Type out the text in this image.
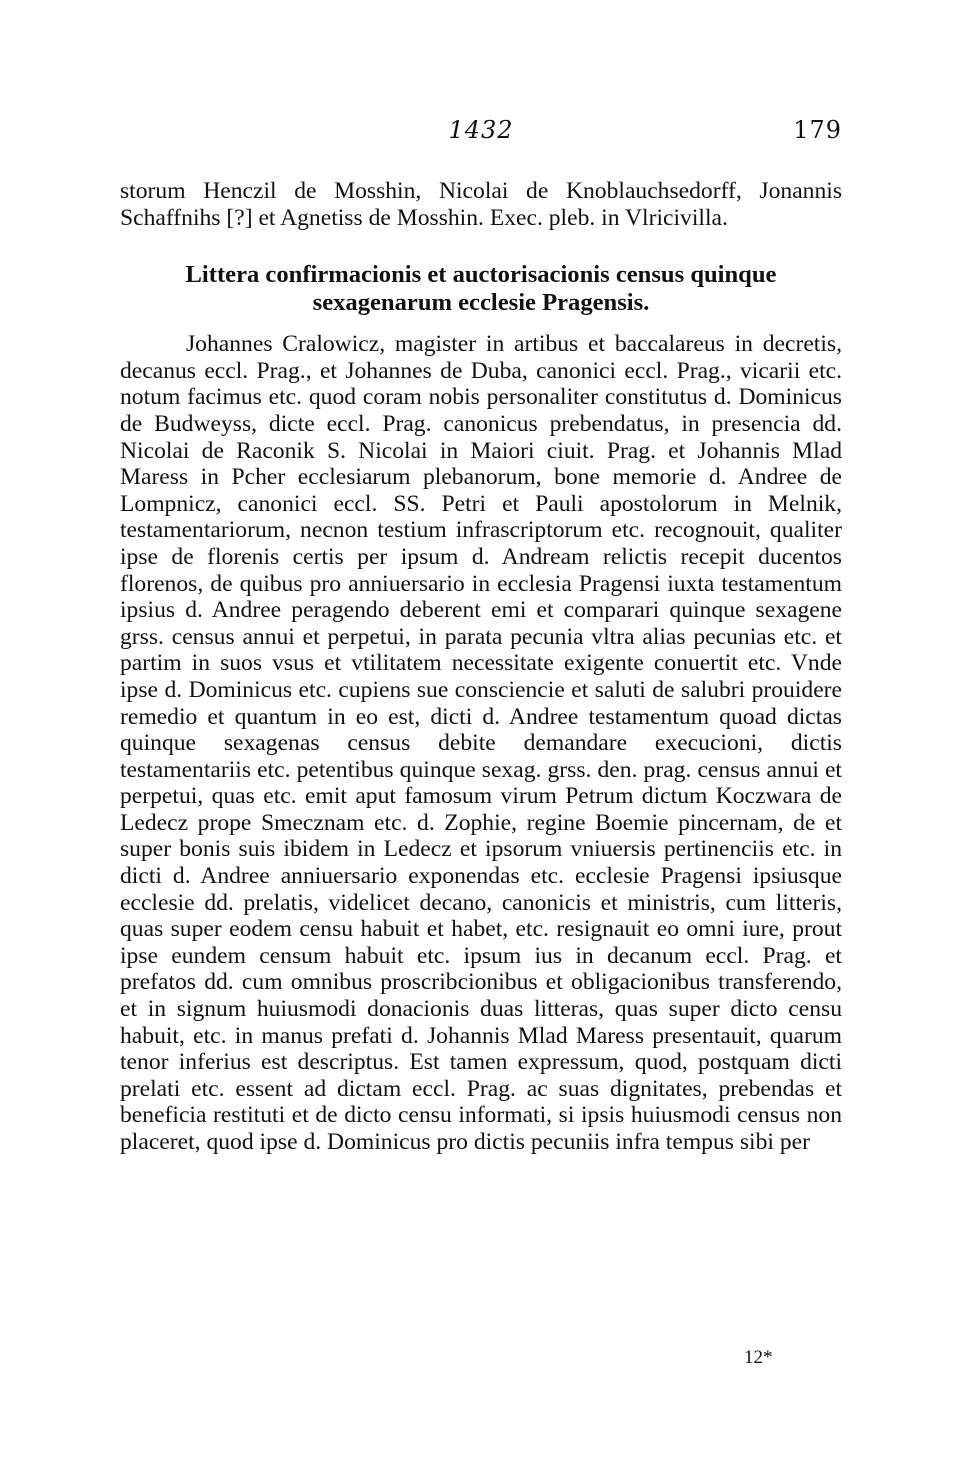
1432	179

storum Henczil de Mosshin, Nicolai de Knoblauchsedorff, Jonannis Schaffnihs [?] et Agnetiss de Mosshin. Exec. pleb. in Vlricivilla.

Littera confirmacionis et auctorisacionis census quinque sexagenarum ecclesie Pragensis.

Johannes Cralowicz, magister in artibus et baccalareus in decretis, decanus eccl. Prag., et Johannes de Duba, canonici eccl. Prag., vicarii etc. notum facimus etc. quod coram nobis personaliter constitutus d. Dominicus de Budweyss, dicte eccl. Prag. canonicus prebendatus, in presencia dd. Nicolai de Raconik S. Nicolai in Maiori ciuit. Prag. et Johannis Mlad Maress in Pcher ecclesiarum plebanorum, bone memorie d. Andree de Lompnicz, canonici eccl. SS. Petri et Pauli apostolorum in Melnik, testamentariorum, necnon testium infrascriptorum etc. recognouit, qualiter ipse de florenis certis per ipsum d. Andream relictis recepit ducentos florenos, de quibus pro anniuersario in ecclesia Pragensi iuxta testamentum ipsius d. Andree peragendo deberent emi et comparari quinque sexagene grss. census annui et perpetui, in parata pecunia vltra alias pecunias etc. et partim in suos vsus et vtilitatem necessitate exigente conuertit etc. Vnde ipse d. Dominicus etc. cupiens sue consciencie et saluti de salubri prouidere remedio et quantum in eo est, dicti d. Andree testamentum quoad dictas quinque sexagenas census debite demandare execucioni, dictis testamentariis etc. petentibus quinque sexag. grss. den. prag. census annui et perpetui, quas etc. emit aput famosum virum Petrum dictum Koczwara de Ledecz prope Smecznam etc. d. Zophie, regine Boemie pincernam, de et super bonis suis ibidem in Ledecz et ipsorum vniuersis pertinenciis etc. in dicti d. Andree anniuersario exponendas etc. ecclesie Pragensi ipsiusque ecclesie dd. prelatis, videlicet decano, canonicis et ministris, cum litteris, quas super eodem censu habuit et habet, etc. resignauit eo omni iure, prout ipse eundem censum habuit etc. ipsum ius in decanum eccl. Prag. et prefatos dd. cum omnibus proscribcionibus et obligacionibus transferendo, et in signum huiusmodi donacionis duas litteras, quas super dicto censu habuit, etc. in manus prefati d. Johannis Mlad Maress presentauit, quarum tenor inferius est descriptus. Est tamen expressum, quod, postquam dicti prelati etc. essent ad dictam eccl. Prag. ac suas dignitates, prebendas et beneficia restituti et de dicto censu informati, si ipsis huiusmodi census non placeret, quod ipse d. Dominicus pro dictis pecuniis infra tempus sibi per

12*
